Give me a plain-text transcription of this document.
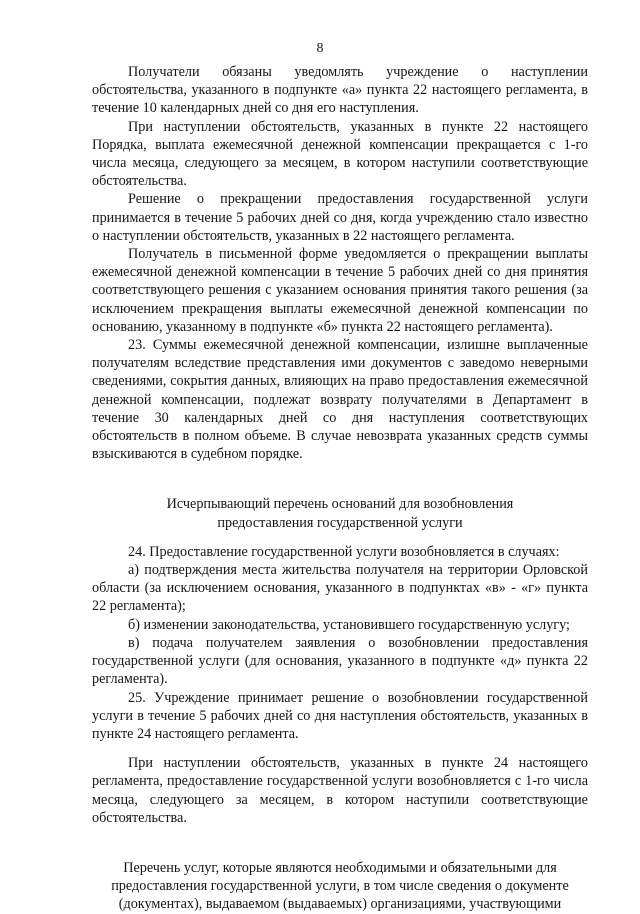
8

Получатели обязаны уведомлять учреждение о наступлении обстоятельства, указанного в подпункте «а» пункта 22 настоящего регламента, в течение 10 календарных дней со дня его наступления.

При наступлении обстоятельств, указанных в пункте 22 настоящего Порядка, выплата ежемесячной денежной компенсации прекращается с 1-го числа месяца, следующего за месяцем, в котором наступили соответствующие обстоятельства.

Решение о прекращении предоставления государственной услуги принимается в течение 5 рабочих дней со дня, когда учреждению стало известно о наступлении обстоятельств, указанных в 22 настоящего регламента.

Получатель в письменной форме уведомляется о прекращении выплаты ежемесячной денежной компенсации в течение 5 рабочих дней со дня принятия соответствующего решения с указанием основания принятия такого решения (за исключением прекращения выплаты ежемесячной денежной компенсации по основанию, указанному в подпункте «б» пункта 22 настоящего регламента).

23. Суммы ежемесячной денежной компенсации, излишне выплаченные получателям вследствие представления ими документов с заведомо неверными сведениями, сокрытия данных, влияющих на право предоставления ежемесячной денежной компенсации, подлежат возврату получателями в Департамент в течение 30 календарных дней со дня наступления соответствующих обстоятельств в полном объеме. В случае невозврата указанных средств суммы взыскиваются в судебном порядке.

Исчерпывающий перечень оснований для возобновления предоставления государственной услуги

24. Предоставление государственной услуги возобновляется в случаях:

а) подтверждения места жительства получателя на территории Орловской области (за исключением основания, указанного в подпунктах «в» - «г» пункта 22 регламента);

б) изменении законодательства, установившего государственную услугу;

в) подача получателем заявления о возобновлении предоставления государственной услуги (для основания, указанного в подпункте «д» пункта 22 регламента).

25. Учреждение принимает решение о возобновлении государственной услуги в течение 5 рабочих дней со дня наступления обстоятельств, указанных в пункте 24 настоящего регламента.

При наступлении обстоятельств, указанных в пункте 24 настоящего регламента, предоставление государственной услуги возобновляется с 1-го числа месяца, следующего за месяцем, в котором наступили соответствующие обстоятельства.

Перечень услуг, которые являются необходимыми и обязательными для предоставления государственной услуги, в том числе сведения о документе (документах), выдаваемом (выдаваемых) организациями, участвующими
